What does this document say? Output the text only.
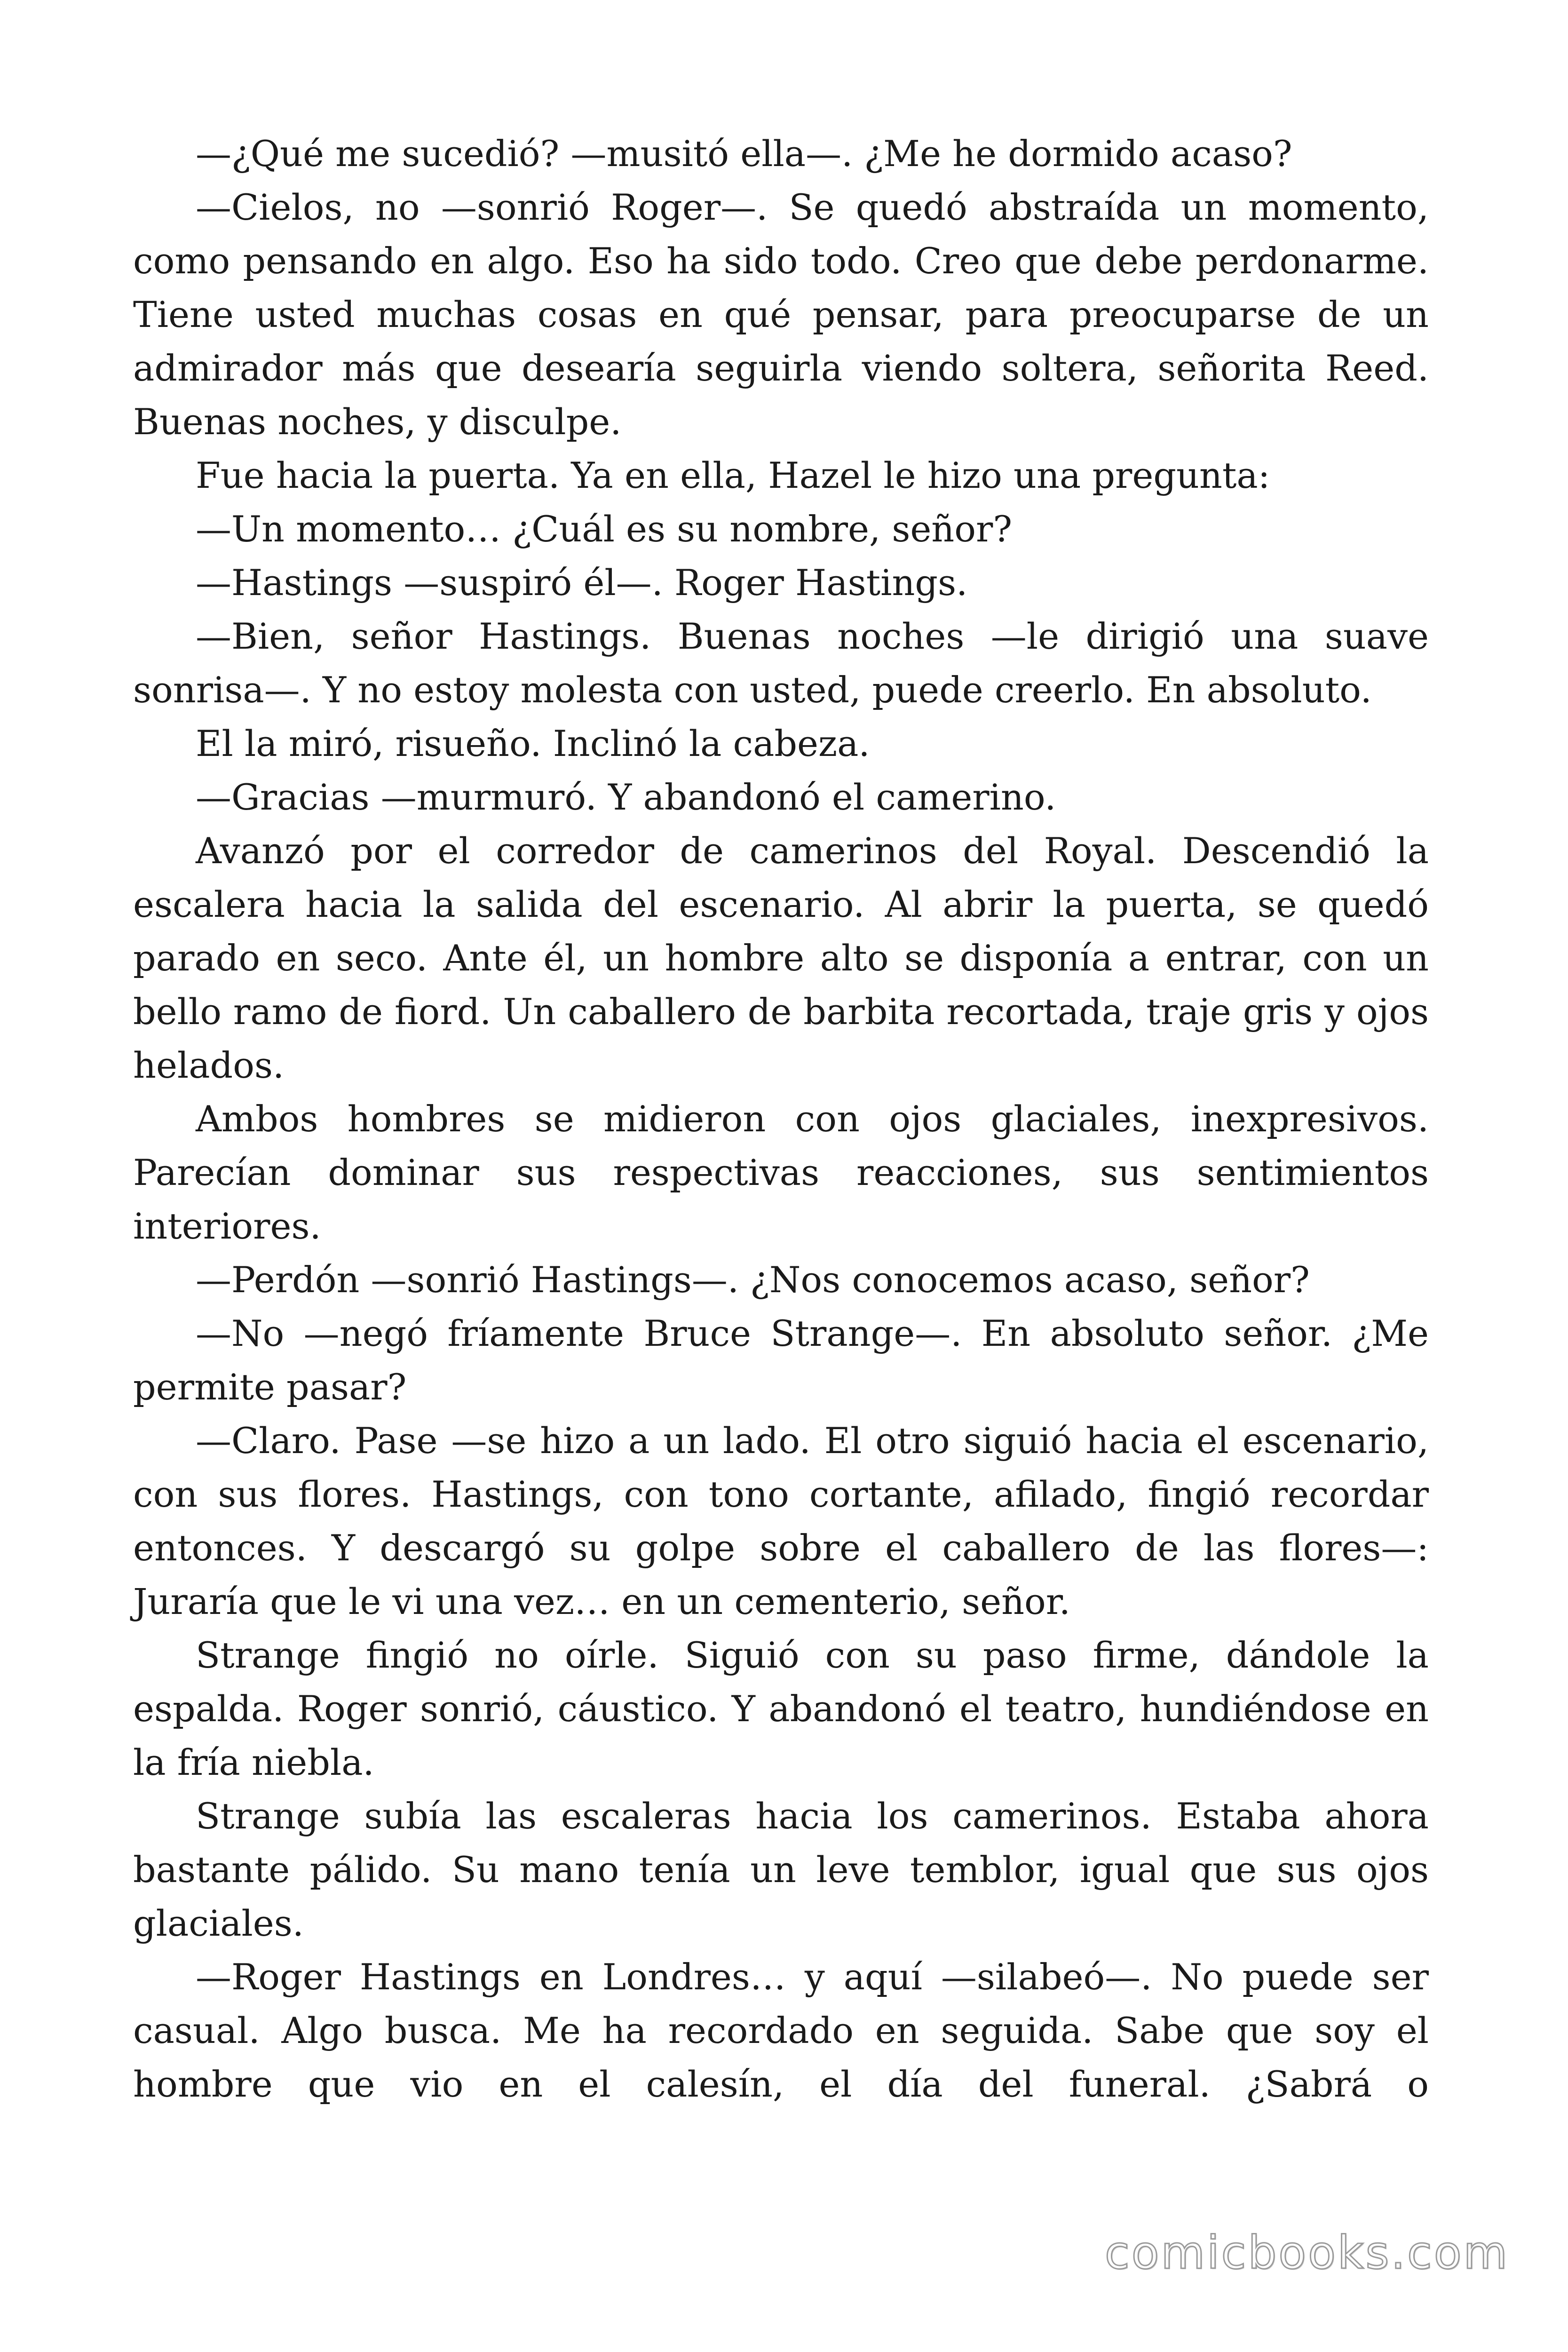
—¿Qué me sucedió? —musitó ella—. ¿Me he dormido acaso?

—Cielos, no —sonrió Roger—. Se quedó abstraída un momento, como pensando en algo. Eso ha sido todo. Creo que debe perdonarme. Tiene usted muchas cosas en qué pensar, para preocuparse de un admirador más que desearía seguirla viendo soltera, señorita Reed. Buenas noches, y disculpe.

Fue hacia la puerta. Ya en ella, Hazel le hizo una pregunta:

—Un momento… ¿Cuál es su nombre, señor?

—Hastings —suspiró él—. Roger Hastings.

—Bien, señor Hastings. Buenas noches —le dirigió una suave sonrisa—. Y no estoy molesta con usted, puede creerlo. En absoluto.

El la miró, risueño. Inclinó la cabeza.

—Gracias —murmuró. Y abandonó el camerino.

Avanzó por el corredor de camerinos del Royal. Descendió la escalera hacia la salida del escenario. Al abrir la puerta, se quedó parado en seco. Ante él, un hombre alto se disponía a entrar, con un bello ramo de fiord. Un caballero de barbita recortada, traje gris y ojos helados.

Ambos hombres se midieron con ojos glaciales, inexpresivos. Parecían dominar sus respectivas reacciones, sus sentimientos interiores.

—Perdón —sonrió Hastings—. ¿Nos conocemos acaso, señor?

—No —negó fríamente Bruce Strange—. En absoluto señor. ¿Me permite pasar?

—Claro. Pase —se hizo a un lado. El otro siguió hacia el escenario, con sus flores. Hastings, con tono cortante, afilado, fingió recordar entonces. Y descargó su golpe sobre el caballero de las flores—: Juraría que le vi una vez… en un cementerio, señor.

Strange fingió no oírle. Siguió con su paso firme, dándole la espalda. Roger sonrió, cáustico. Y abandonó el teatro, hundiéndose en la fría niebla.

Strange subía las escaleras hacia los camerinos. Estaba ahora bastante pálido. Su mano tenía un leve temblor, igual que sus ojos glaciales.

—Roger Hastings en Londres… y aquí —silabeó—. No puede ser casual. Algo busca. Me ha recordado en seguida. Sabe que soy el hombre que vio en el calesín, el día del funeral. ¿Sabrá o

comicbooks.com
